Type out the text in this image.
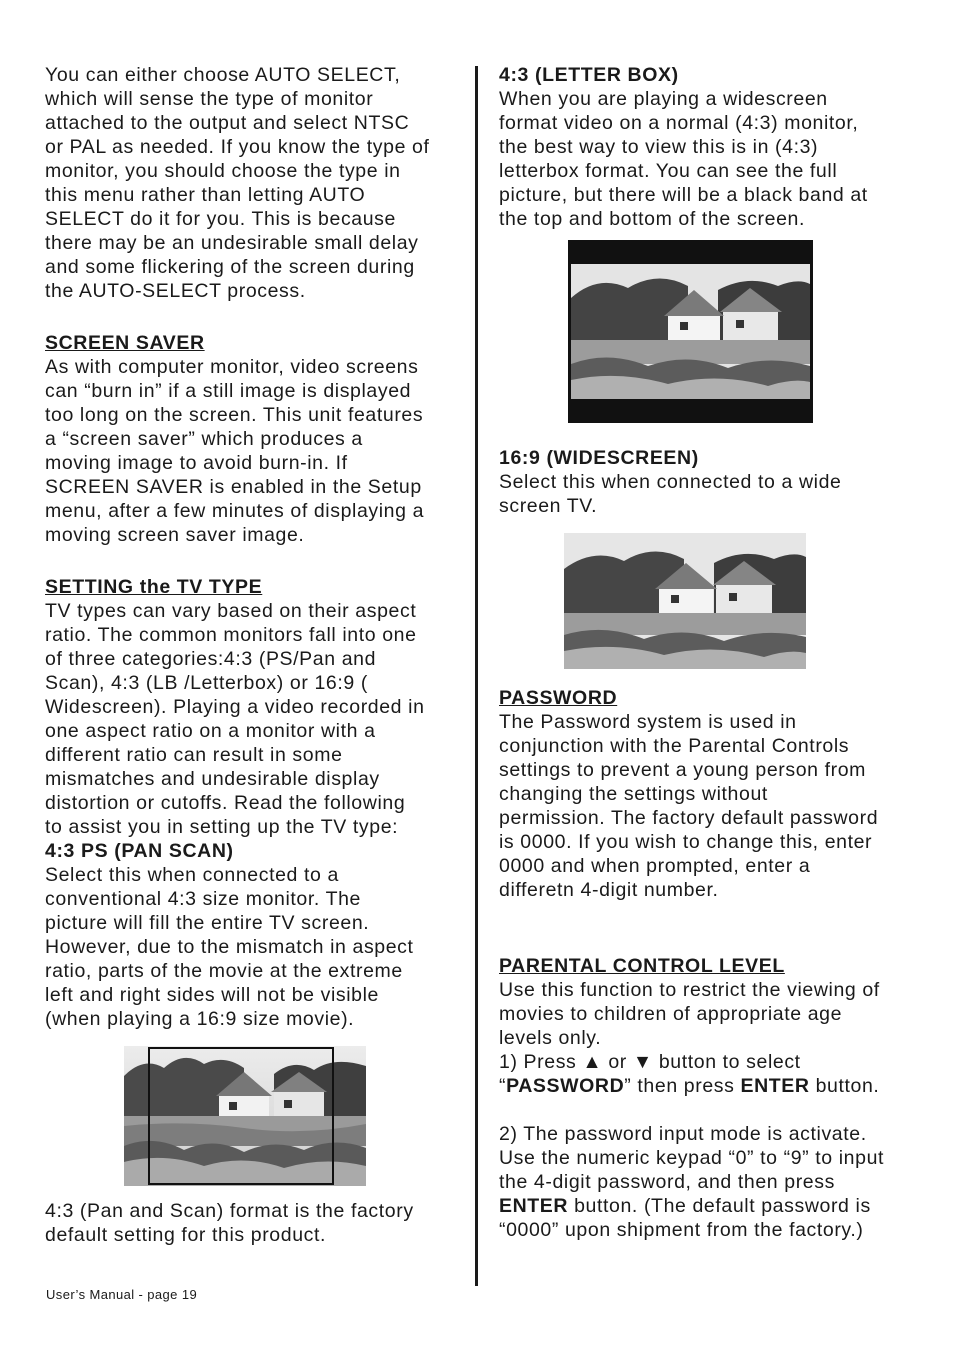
You can either choose AUTO SELECT,
which will sense the type of monitor
attached to the output and select NTSC
or PAL as needed. If you know the type of
monitor, you should choose the type in
this menu rather than letting AUTO
SELECT do it for you. This is because
there may be an undesirable small delay
and some flickering of the screen during
the AUTO-SELECT process.

SCREEN SAVER

As with computer monitor, video screens
can “burn in” if a still image is displayed
too long on the screen. This unit features
a “screen saver” which produces a
moving image to avoid burn-in. If
SCREEN SAVER is enabled in the Setup
menu, after a few minutes of displaying a
moving screen saver image.

SETTING the TV TYPE

TV types can vary based on their aspect
ratio. The common monitors fall into one
of three categories:4:3 (PS/Pan and
Scan), 4:3 (LB /Letterbox) or 16:9 (
Widescreen). Playing a video recorded in
one aspect ratio on a monitor with a
different ratio can result in some
mismatches and undesirable display
distortion or cutoffs. Read the following
to assist you in setting up the TV type:

4:3 PS (PAN SCAN)

Select this when connected to a
conventional 4:3 size monitor. The
picture will fill the entire TV screen.
However, due to the mismatch in aspect
ratio, parts of the movie at the extreme
left and right sides will not be visible
(when playing a 16:9 size movie).

4:3 (Pan and Scan) format is the factory
default setting for this product.

4:3 (LETTER BOX)

When you are playing a widescreen
format video on a normal (4:3) monitor,
the best way to view this is in (4:3)
letterbox format. You can see the full
picture, but there will be a black band at
the top and bottom of the screen.

16:9 (WIDESCREEN)

Select this when connected to a wide
screen TV.

PASSWORD

The Password system is used in
conjunction with the Parental Controls
settings to prevent a young person from
changing the settings without
permission. The factory default password
is 0000. If you wish to change this, enter
0000 and when prompted, enter a
differetn 4-digit number.

PARENTAL CONTROL LEVEL

Use this function to restrict the viewing of
movies to children of appropriate age
levels only.

1) Press ▲ or ▼ button to select
“PASSWORD” then press ENTER button.

2) The password input mode is activate.
Use the numeric keypad “0” to “9” to input
the 4-digit password, and then press
ENTER button. (The default password is
“0000” upon shipment from the factory.)

User’s Manual - page 19
